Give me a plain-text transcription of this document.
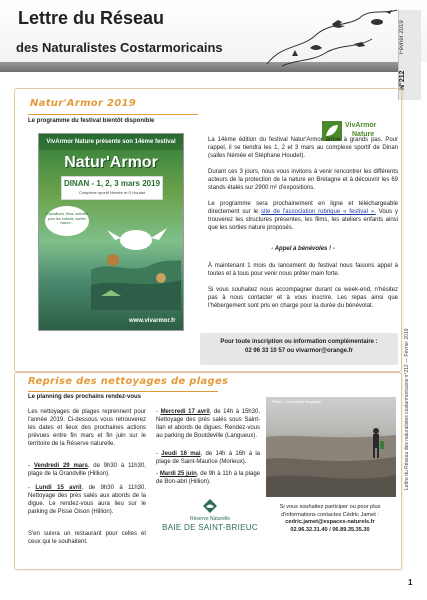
Lettre du Réseau
des Naturalistes Costarmoricains	Février 2019
N°212
Lettre du Réseau des naturalistes costarmoricains n°212 — Février 2019
1
Natur'Armor 2019
Le programme du festival bientôt disponible
VivArmor
Nature
VivArmor Nature présente son 14ème festival
Natur'Armor
DINAN - 1, 2, 3 mars 2019
Complexe sportif Némée et S.Houdet
Expositions, films, activités pour les enfants, sorties nature...
www.vivarmor.fr
La 14ème édition du festival Natur'Armor arrive à grands pas. Pour rappel, il se tiendra les 1, 2 et 3 mars au complexe sportif de Dinan (salles Némée et Stéphane Houdet).
Durant ces 3 jours, nous vous invitons à venir rencontrer les différents acteurs de la protection de la nature en Bretagne et à découvrir les 69 stands étalés sur 2900 m² d'expositions.
Le programme sera prochainement en ligne et téléchargeable directement sur le site de l'association rubrique « festival ». Vous y trouverez les structures présentes, les films, les ateliers enfants ainsi que les sorties nature proposés.
- Appel à bénévoles ! -
À maintenant 1 mois du lancement du festival nous faisons appel à toutes et à tous pour venir nous prêter main forte.
Si vous souhaitez nous accompagner durant ce week-end, n'hésitez pas à nous contacter et à vous inscrire. Les repas ainsi que l'hébergement sont pris en charge pour la durée du bénévolat.
Pour toute inscription ou information complémentaire :
02 96 33 10 57 ou vivarmor@orange.fr
Reprise des nettoyages de plages
Le planning des prochains rendez-vous
Les nettoyages de plages reprennent pour l'année 2019. Ci-dessous vous retrouverez les dates et lieux des prochaines actions prévues entre fin mars et fin juin sur le territoire de la Réserve naturelle.
- Vendredi 29 mars, de 9h30 à 11h30, plage de la Grandville (Hillion).
- Lundi 15 avril, de 9h30 à 11h30. Nettoyage des prés salés aux abords de la digue. Le rendez-vous aura lieu sur le parking de Pisse Oison (Hillion).
S'en suivra un restaurant pour celles et ceux qui le souhaitent.
- Mercredi 17 avril, de 14h à 15h30. Nettoyage des prés salés sous Saint-Ilan et abords de digues. Rendez-vous au parking de Boutdeville (Langueux).
- Jeudi 16 mai, de 14h à 16h à la plage de Saint-Maurice (Morieux).
- Mardi 25 juin, de 9h à 11h à la plage de Bon-abri (Hillion).
Réserve Naturelle
BAIE DE SAINT-BRIEUC
Photo : Gwenaëlle Augrisse
Si vous souhaitez participer ou pour plus
d'informations contactez Cédric Jamet :
cedric.jamet@espaces-naturels.fr
02.96.32.31.40 / 06.89.35.35.30
